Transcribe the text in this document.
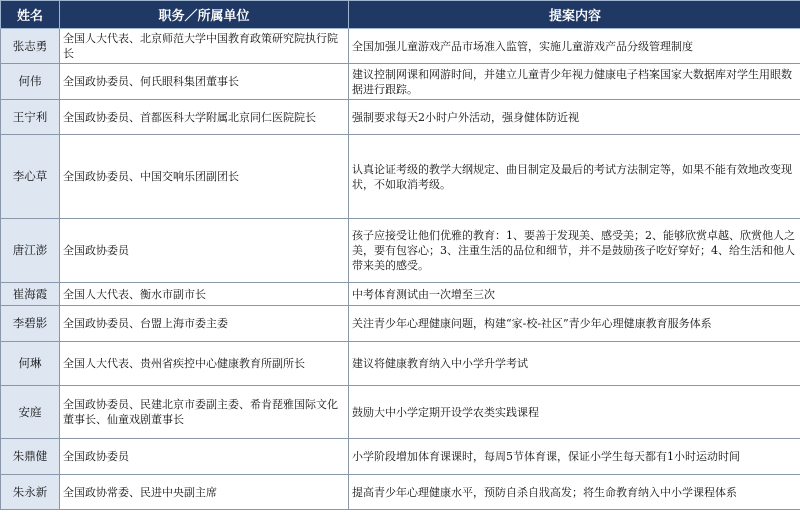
姓名	职务／所属单位	提案内容
张志勇	全国人大代表、北京师范大学中国教育政策研究院执行院长	全国加强儿童游戏产品市场准入监管，实施儿童游戏产品分级管理制度
何伟	全国政协委员、何氏眼科集团董事长	建议控制网课和网游时间，并建立儿童青少年视力健康电子档案国家大数据库对学生用眼数据进行跟踪。
王宁利	全国政协委员、首都医科大学附属北京同仁医院院长	强制要求每天2小时户外活动，强身健体防近视
李心草	全国政协委员、中国交响乐团副团长	认真论证考级的教学大纲规定、曲目制定及最后的考试方法制定等，如果不能有效地改变现状，不如取消考级。
唐江澎	全国政协委员	孩子应接受让他们优雅的教育：1、要善于发现美、感受美；2、能够欣赏卓越、欣赏他人之美，要有包容心；3、注重生活的品位和细节，并不是鼓励孩子吃好穿好；4、给生活和他人带来美的感受。
崔海霞	全国人大代表、衡水市副市长	中考体育测试由一次增至三次
李碧影	全国政协委员、台盟上海市委主委	关注青少年心理健康问题，构建“家-校-社区”青少年心理健康教育服务体系
何琳	全国人大代表、贵州省疾控中心健康教育所副所长	建议将健康教育纳入中小学升学考试
安庭	全国政协委员、民建北京市委副主委、希肯琵雅国际文化董事长、仙童戏剧董事长	鼓励大中小学定期开设学农类实践课程
朱鼎健	全国政协委员	小学阶段增加体育课课时，每周5节体育课，保证小学生每天都有1小时运动时间
朱永新	全国政协常委、民进中央副主席	提高青少年心理健康水平，预防自杀自戕高发；将生命教育纳入中小学课程体系
